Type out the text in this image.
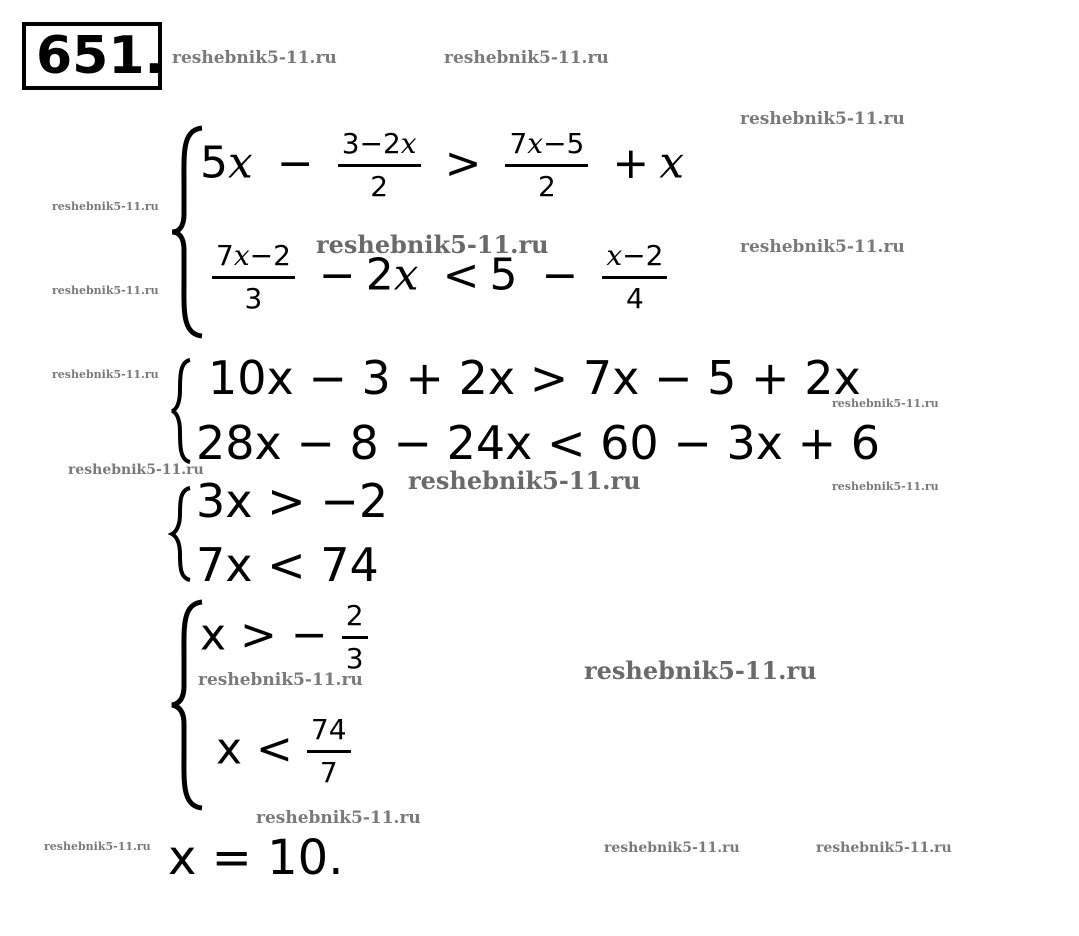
651. reshebnik5-11.ru	reshebnik5-11.ru
reshebnik5-11.ru
reshebnik5-11.ru
reshebnik5-11.ru	reshebnik5-11.ru
reshebnik5-11.ru
reshebnik5-11.ru
reshebnik5-11.ru
reshebnik5-11.ru	reshebnik5-11.ru	reshebnik5-11.ru
reshebnik5-11.ru
reshebnik5-11.ru
reshebnik5-11.ru
reshebnik5-11.ru	reshebnik5-11.ru	reshebnik5-11.ru
$5x - \frac{3-2x}{2} > \frac{7x-5}{2} + x$
$\frac{7x-2}{3} - 2x < 5 - \frac{x-2}{4}$
10x − 3 + 2x > 7x − 5 + 2x
28x − 8 − 24x < 60 − 3x + 6
3x > −2
7x < 74
x > − $\frac{2}{3}$
$x < \frac{74}{7}$
x = 10.
